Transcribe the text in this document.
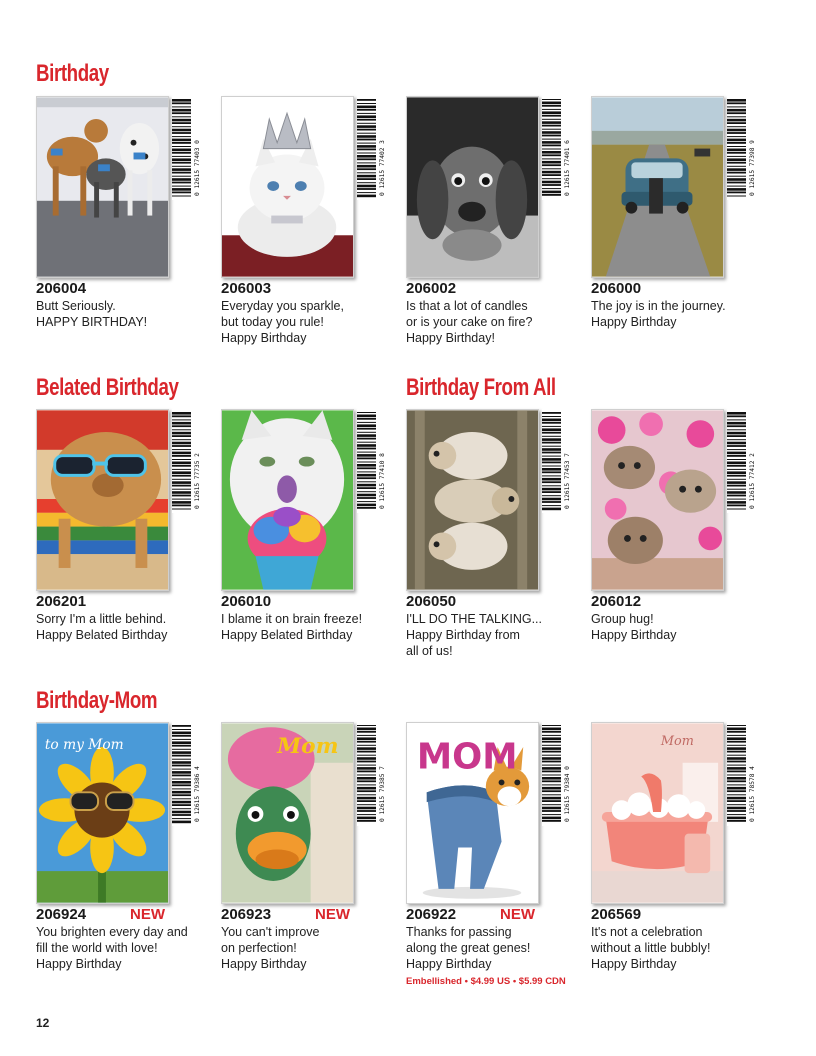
Birthday
Belated Birthday	Birthday From All
Birthday-Mom
0 12615 77403 0
206004
Butt Seriously.
HAPPY BIRTHDAY!
0 12615 77402 3
206003
Everyday you sparkle,
but today you rule!
Happy Birthday
0 12615 77401 6
206002
Is that a lot of candles
or is your cake on fire?
Happy Birthday!
0 12615 77398 9
206000
The joy is in the journey.
Happy Birthday
0 12615 77735 2
206201
Sorry I'm a little behind.
Happy Belated Birthday
0 12615 77410 8
206010
I blame it on brain freeze!
Happy Belated Birthday
0 12615 77453 7
206050
I'LL DO THE TALKING...
Happy Birthday from
all of us!
0 12615 77412 2
206012
Group hug!
Happy Birthday
to my Mom
0 12615 79386 4
206924	NEW
You brighten every day and
fill the world with love!
Happy Birthday
Mom
0 12615 79385 7
206923	NEW
You can't improve
on perfection!
Happy Birthday
MOM
0 12615 79384 0
206922	NEW
Thanks for passing
along the great genes!
Happy Birthday
Embellished • $4.99 US • $5.99 CDN
Mom
0 12615 78578 4
206569
It's not a celebration
without a little bubbly!
Happy Birthday
12
